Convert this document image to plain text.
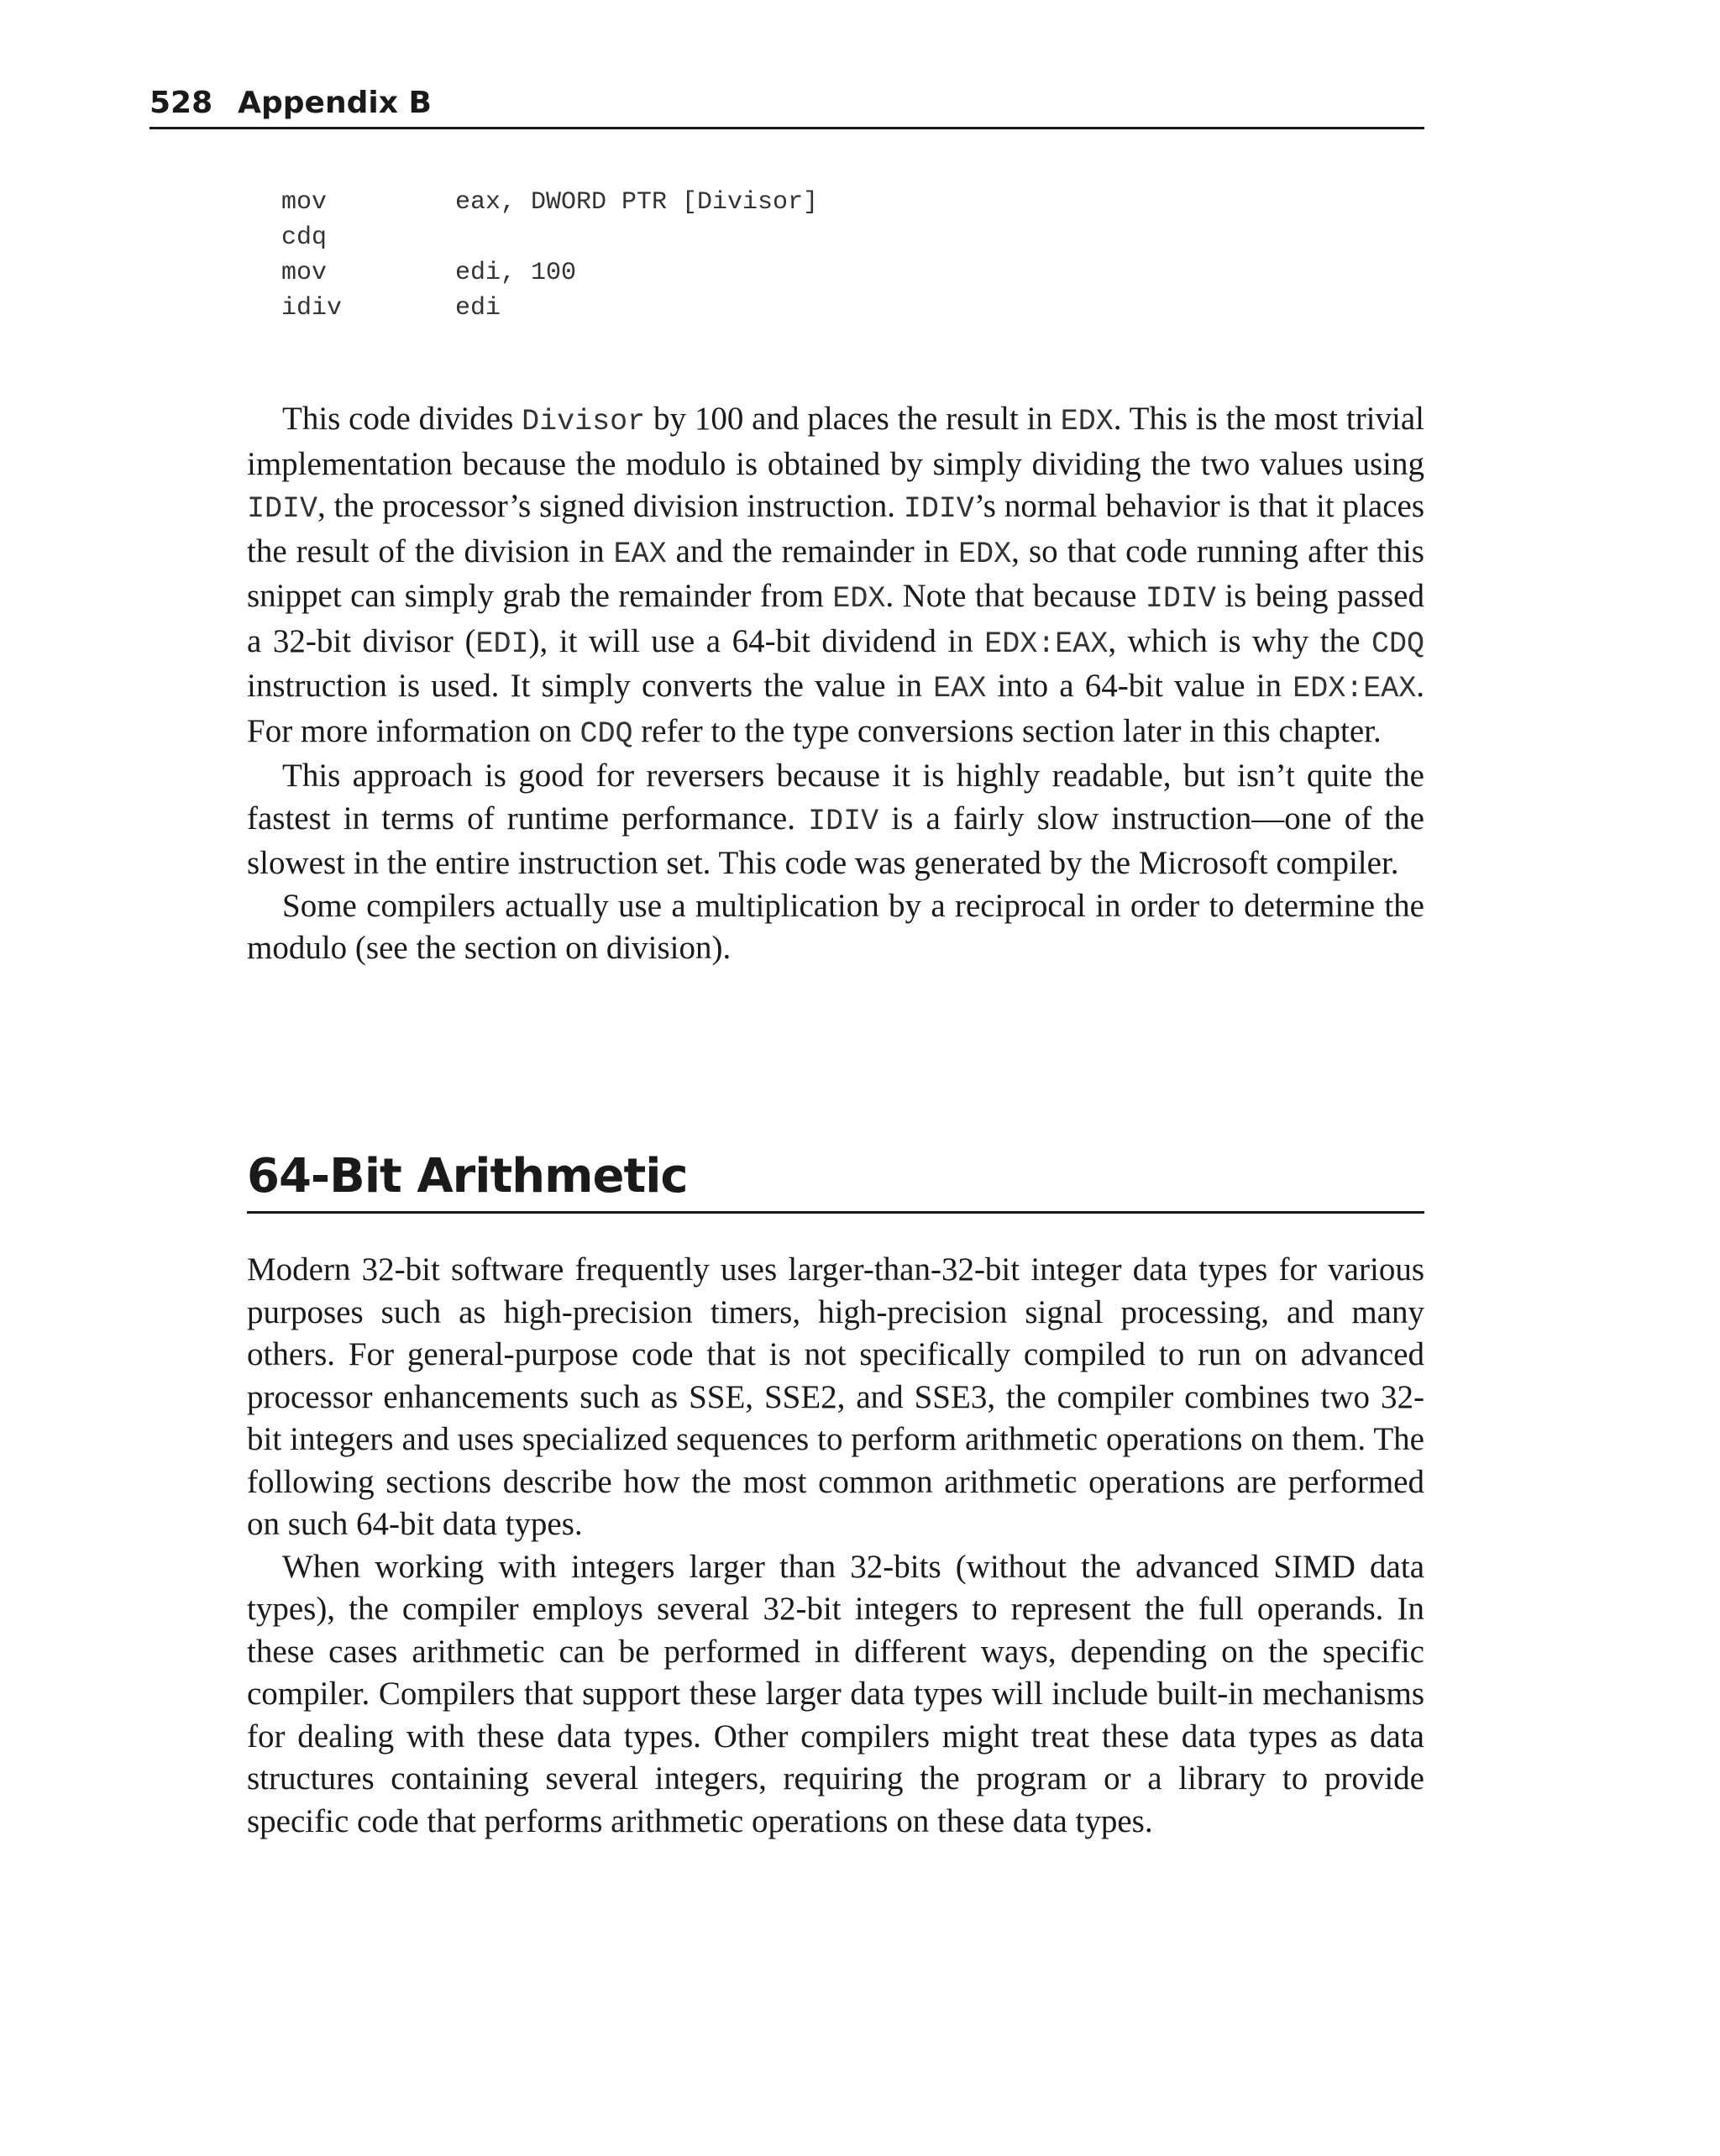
528 Appendix B
mov	eax, DWORD PTR [Divisor]
cdq
mov	edi, 100
idiv	edi

This code divides Divisor by 100 and places the result in EDX. This is the most trivial implementation because the modulo is obtained by simply dividing the two values using IDIV, the processor’s signed division instruction. IDIV’s normal behavior is that it places the result of the division in EAX and the remainder in EDX, so that code running after this snippet can simply grab the remainder from EDX. Note that because IDIV is being passed a 32-bit divisor (EDI), it will use a 64-bit dividend in EDX:EAX, which is why the CDQ instruction is used. It simply converts the value in EAX into a 64-bit value in EDX:EAX. For more information on CDQ refer to the type conversions section later in this chapter.

This approach is good for reversers because it is highly readable, but isn’t quite the fastest in terms of runtime performance. IDIV is a fairly slow instruction—one of the slowest in the entire instruction set. This code was generated by the Microsoft compiler.

Some compilers actually use a multiplication by a reciprocal in order to determine the modulo (see the section on division).

64-Bit Arithmetic

Modern 32-bit software frequently uses larger-than-32-bit integer data types for various purposes such as high-precision timers, high-precision signal processing, and many others. For general-purpose code that is not specifically compiled to run on advanced processor enhancements such as SSE, SSE2, and SSE3, the compiler combines two 32-bit integers and uses specialized sequences to perform arithmetic operations on them. The following sections describe how the most common arithmetic operations are performed on such 64-bit data types.

When working with integers larger than 32-bits (without the advanced SIMD data types), the compiler employs several 32-bit integers to represent the full operands. In these cases arithmetic can be performed in different ways, depending on the specific compiler. Compilers that support these larger data types will include built-in mechanisms for dealing with these data types. Other compilers might treat these data types as data structures containing several integers, requiring the program or a library to provide specific code that performs arithmetic operations on these data types.
